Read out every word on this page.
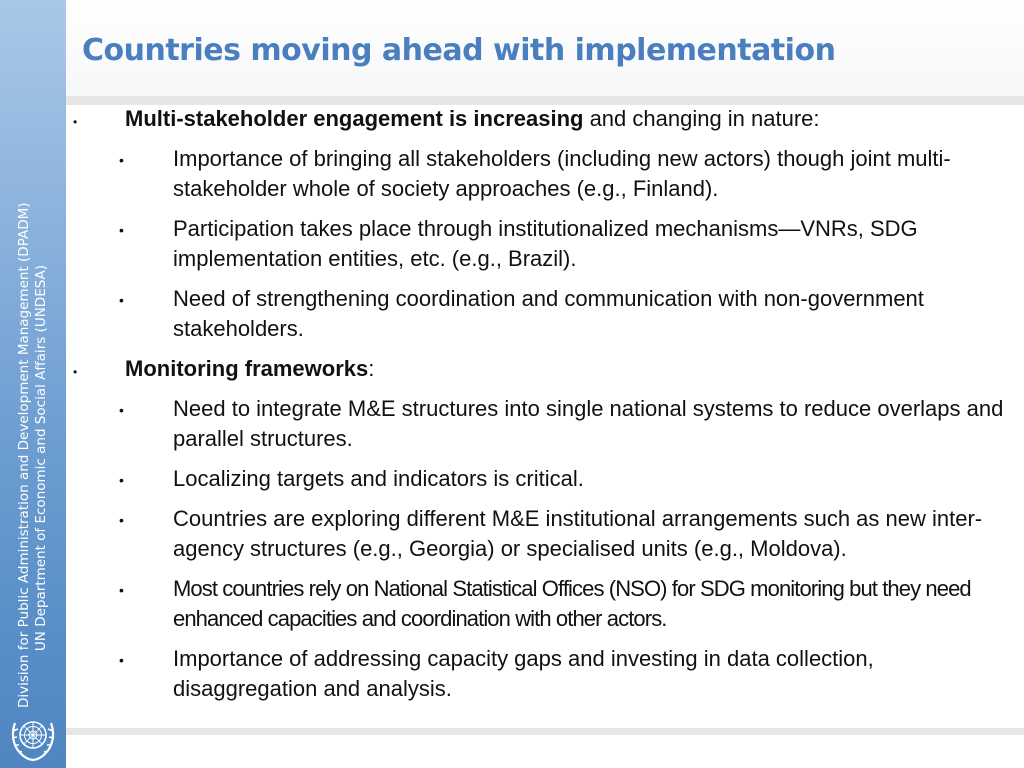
Division for Public Administration and Development Management (DPADM) UN Department of Economic and Social Affairs (UNDESA)
Countries moving ahead with implementation
• Multi-stakeholder engagement is increasing and changing in nature:
• Importance of bringing all stakeholders (including new actors) though joint multi-stakeholder whole of society approaches (e.g., Finland).
• Participation takes place through institutionalized mechanisms—VNRs, SDG implementation entities, etc. (e.g., Brazil).
• Need of strengthening coordination and communication with non-government stakeholders.
• Monitoring frameworks:
• Need to integrate M&E structures into single national systems to reduce overlaps and parallel structures.
• Localizing targets and indicators is critical.
• Countries are exploring different M&E institutional arrangements such as new inter-agency structures (e.g., Georgia) or specialised units (e.g., Moldova).
• Most countries rely on National Statistical Offices (NSO) for SDG monitoring but they need enhanced capacities and coordination with other actors.
• Importance of addressing capacity gaps and investing in data collection, disaggregation and analysis.
